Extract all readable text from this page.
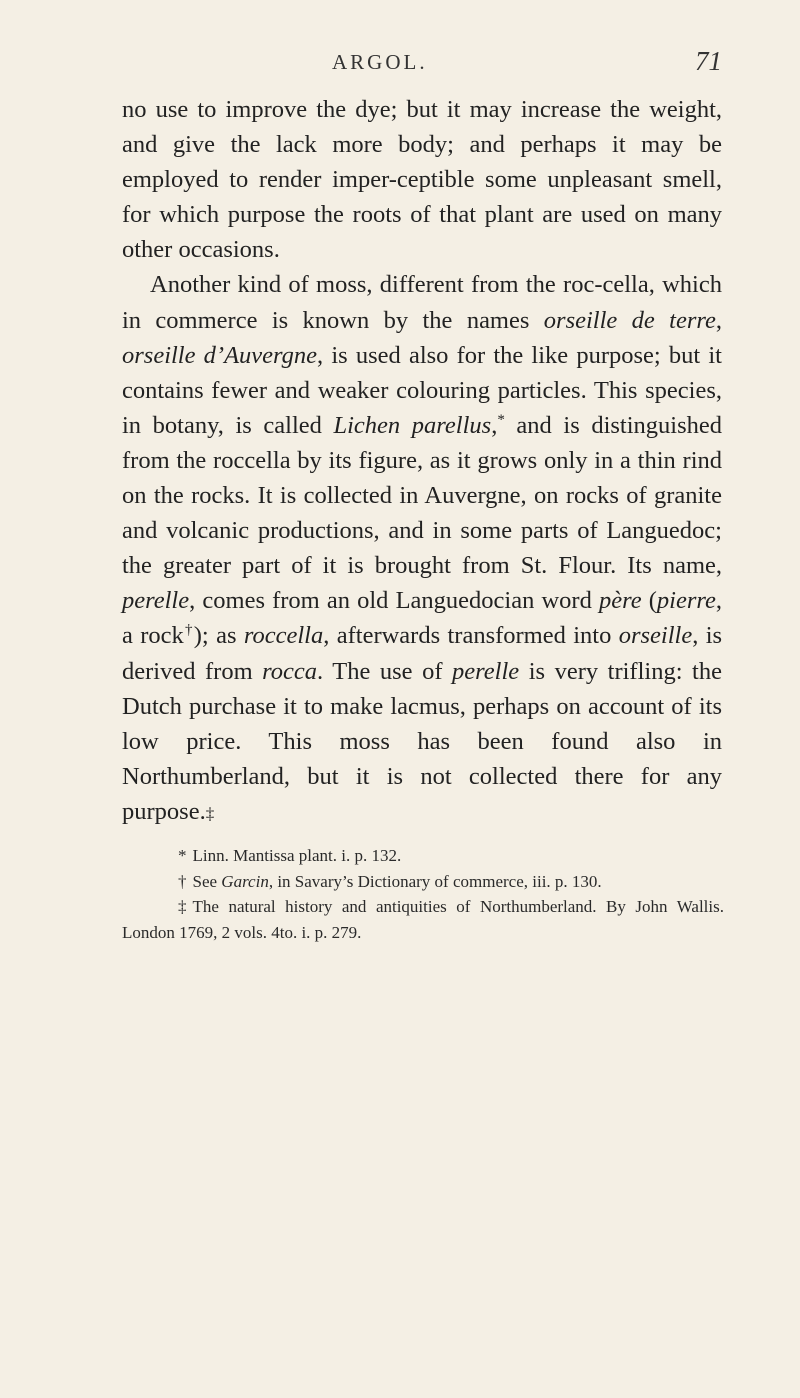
ARGOL.	71

no use to improve the dye; but it may increase the weight, and give the lack more body; and perhaps it may be employed to render imper-ceptible some unpleasant smell, for which purpose the roots of that plant are used on many other occasions.

Another kind of moss, different from the roc-cella, which in commerce is known by the names orseille de terre, orseille d’Auvergne, is used also for the like purpose; but it contains fewer and weaker colouring particles. This species, in botany, is called Lichen parellus,* and is distinguished from the roccella by its figure, as it grows only in a thin rind on the rocks. It is collected in Auvergne, on rocks of granite and volcanic productions, and in some parts of Languedoc; the greater part of it is brought from St. Flour. Its name, perelle, comes from an old Languedocian word père (pierre, a rock†); as roccella, afterwards transformed into orseille, is derived from rocca. The use of perelle is very trifling: the Dutch purchase it to make lacmus, perhaps on account of its low price. This moss has been found also in Northumberland, but it is not collected there for any purpose.‡

* Linn. Mantissa plant. i. p. 132.

† See Garcin, in Savary’s Dictionary of commerce, iii. p. 130.

‡ The natural history and antiquities of Northumberland. By John Wallis. London 1769, 2 vols. 4to. i. p. 279.
